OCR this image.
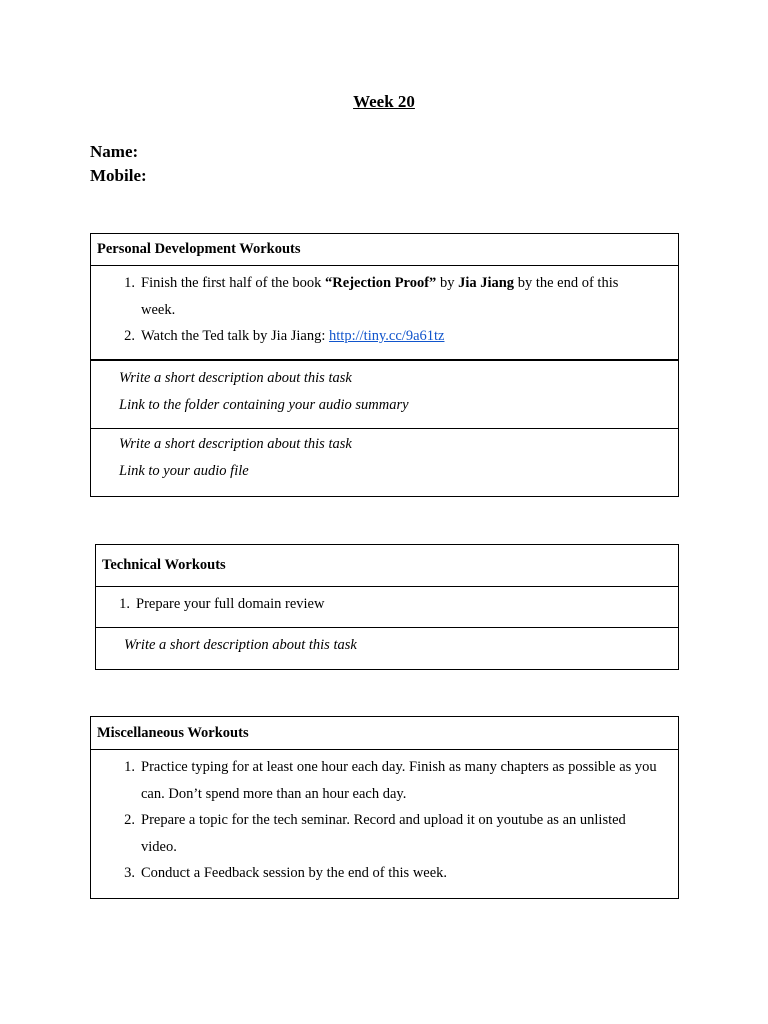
Week 20
Name:
Mobile:
Personal Development Workouts
1. Finish the first half of the book “Rejection Proof” by Jia Jiang by the end of this week.
2. Watch the Ted talk by Jia Jiang: http://tiny.cc/9a61tz
Write a short description about this task
Link to the folder containing your audio summary
Write a short description about this task
Link to your audio file
Technical Workouts
1. Prepare your full domain review
Write a short description about this task
Miscellaneous Workouts
1. Practice typing for at least one hour each day. Finish as many chapters as possible as you can. Don’t spend more than an hour each day.
2. Prepare a topic for the tech seminar. Record and upload it on youtube as an unlisted video.
3. Conduct a Feedback session by the end of this week.
